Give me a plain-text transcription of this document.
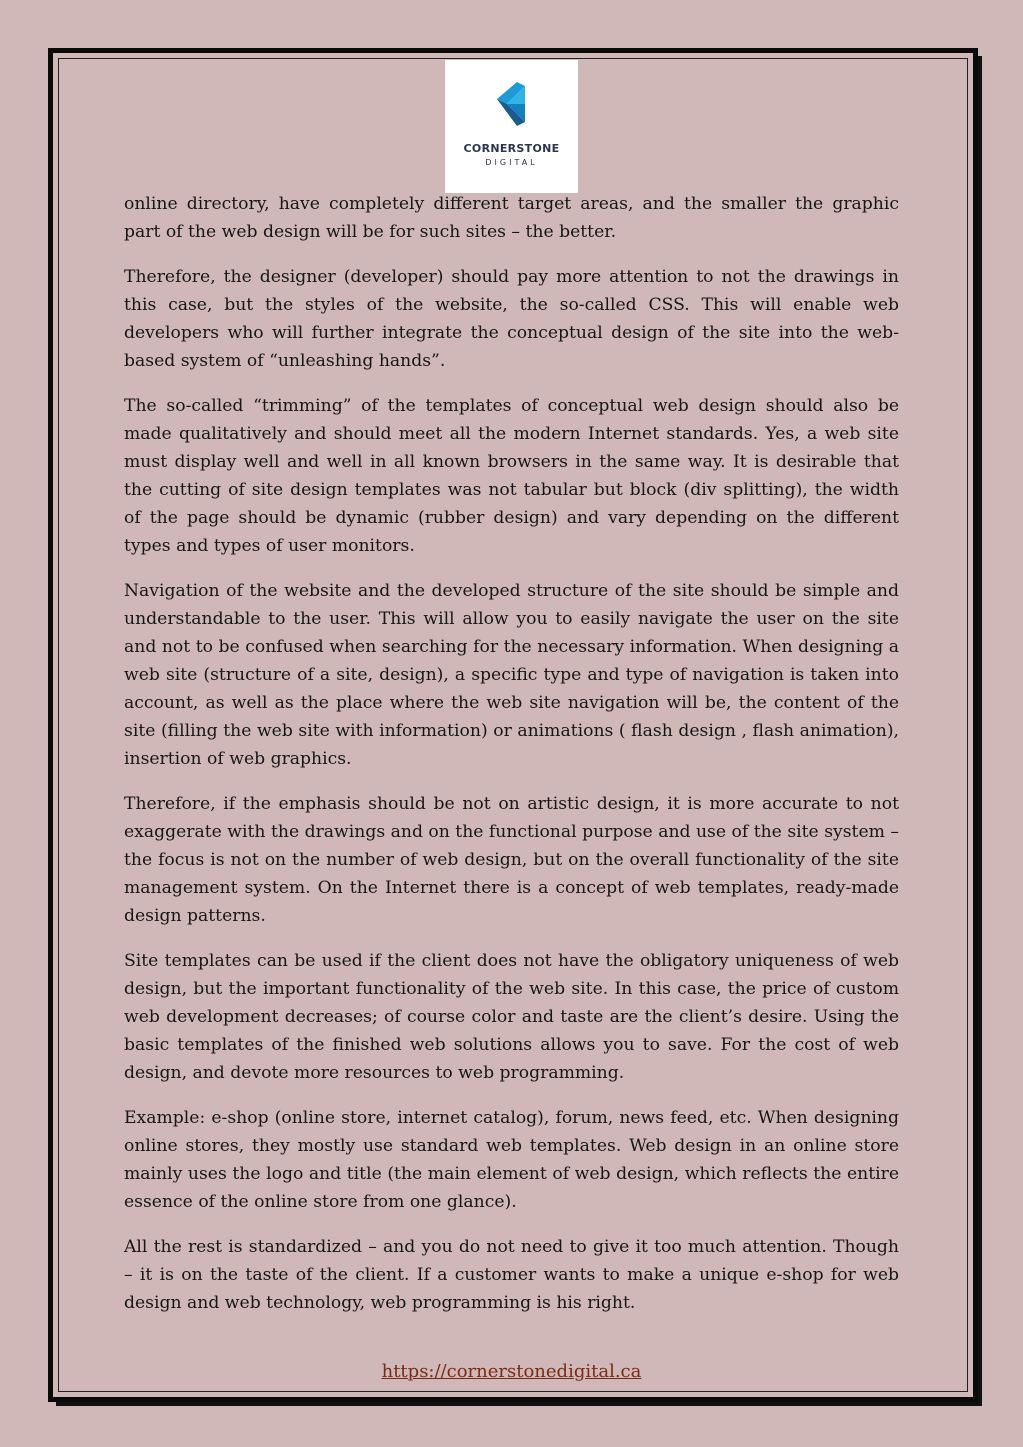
CORNERSTONE
DIGITAL

online directory, have completely different target areas, and the smaller the graphic part of the web design will be for such sites – the better.

Therefore, the designer (developer) should pay more attention to not the drawings in this case, but the styles of the website, the so-called CSS. This will enable web developers who will further integrate the conceptual design of the site into the web-based system of “unleashing hands”.

The so-called “trimming” of the templates of conceptual web design should also be made qualitatively and should meet all the modern Internet standards. Yes, a web site must display well and well in all known browsers in the same way. It is desirable that the cutting of site design templates was not tabular but block (div splitting), the width of the page should be dynamic (rubber design) and vary depending on the different types and types of user monitors.

Navigation of the website and the developed structure of the site should be simple and understandable to the user. This will allow you to easily navigate the user on the site and not to be confused when searching for the necessary information. When designing a web site (structure of a site, design), a specific type and type of navigation is taken into account, as well as the place where the web site navigation will be, the content of the site (filling the web site with information) or animations ( flash design , flash animation), insertion of web graphics.

Therefore, if the emphasis should be not on artistic design, it is more accurate to not exaggerate with the drawings and on the functional purpose and use of the site system – the focus is not on the number of web design, but on the overall functionality of the site management system. On the Internet there is a concept of web templates, ready-made design patterns.

Site templates can be used if the client does not have the obligatory uniqueness of web design, but the important functionality of the web site. In this case, the price of custom web development decreases; of course color and taste are the client’s desire. Using the basic templates of the finished web solutions allows you to save. For the cost of web design, and devote more resources to web programming.

Example: e-shop (online store, internet catalog), forum, news feed, etc. When designing online stores, they mostly use standard web templates. Web design in an online store mainly uses the logo and title (the main element of web design, which reflects the entire essence of the online store from one glance).

All the rest is standardized – and you do not need to give it too much attention. Though – it is on the taste of the client. If a customer wants to make a unique e-shop for web design and web technology, web programming is his right.

https://cornerstonedigital.ca
